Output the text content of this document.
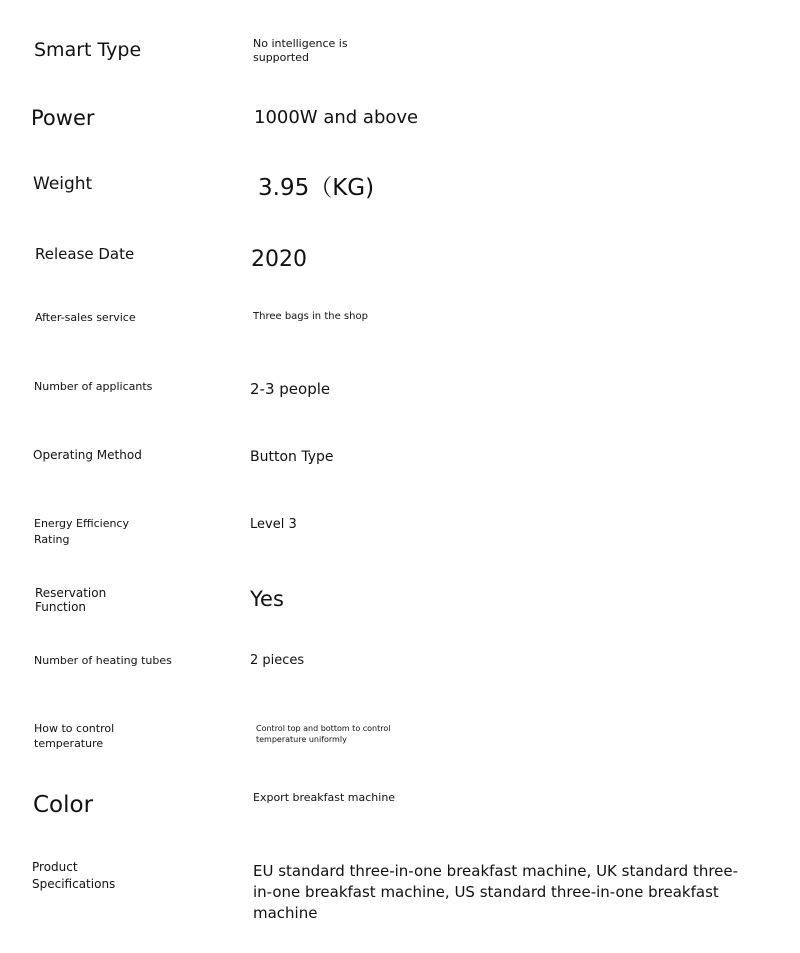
Smart Type
Power
Weight
Release Date
After-sales service
Number of applicants
Operating Method
Energy Efficiency Rating
Reservation Function
Number of heating tubes
How to control temperature
Color
Product Specifications
No intelligence is supported
1000W and above
3.95（KG)
2020
Three bags in the shop
2-3 people
Button Type
Level 3
Yes
2 pieces
Control top and bottom to control temperature uniformly
Export breakfast machine
EU standard three-in-one breakfast machine, UK standard three-in-one breakfast machine, US standard three-in-one breakfast machine
